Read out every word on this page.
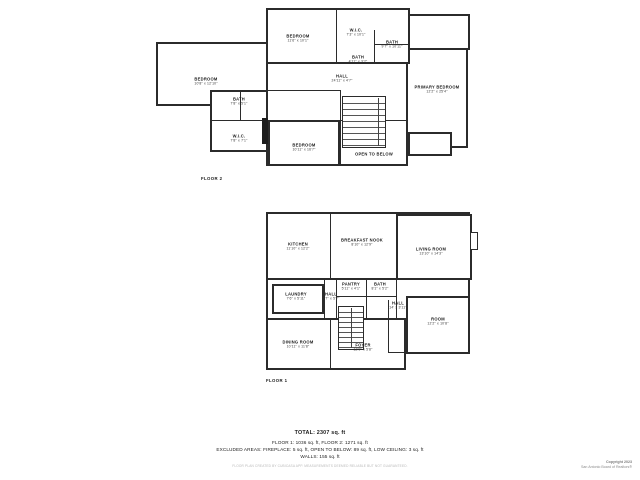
BEDROOM
11'6" x 10'1"
W.I.C.
7'3" x 10'1"
BATH
9'7" x 10'11"
BATH
4'11" x 3'2"
BEDROOM
10'8" x 12'10"
HALL
24'11" x 4'7"
PRIMARY BEDROOM
12'2" x 25'4"
BATH
7'8" x 5'1"
W.I.C.
7'8" x 7'1"
BEDROOM
10'11" x 16'7"
OPEN TO BELOW
FLOOR 2
KITCHEN
11'10" x 12'2"
BREAKFAST NOOK
8'10" x 12'9"
LIVING ROOM
13'10" x 14'3"
LAUNDRY
7'6" x 5'11"
HALL
3'7" x 5'7"
PANTRY
5'11" x 4'1"
BATH
8'1" x 5'2"
HALL
14' x 3'11"
ROOM
12'2" x 10'8"
DINING ROOM
10'11" x 11'8"	FOYER
12'9" x 5'8"
FLOOR 1
TOTAL: 2307 sq. ft
FLOOR 1: 1036 sq. ft, FLOOR 2: 1271 sq. ft
EXCLUDED AREAS: FIREPLACE: 5 sq. ft, OPEN TO BELOW: 89 sq. ft, LOW CEILING: 3 sq. ft
WALLS: 155 sq. ft
FLOOR PLAN CREATED BY CUBICASA APP. MEASUREMENTS DEEMED RELIABLE BUT NOT GUARANTEED.
Copyright 2023
San Antonio Board of Realtors®
